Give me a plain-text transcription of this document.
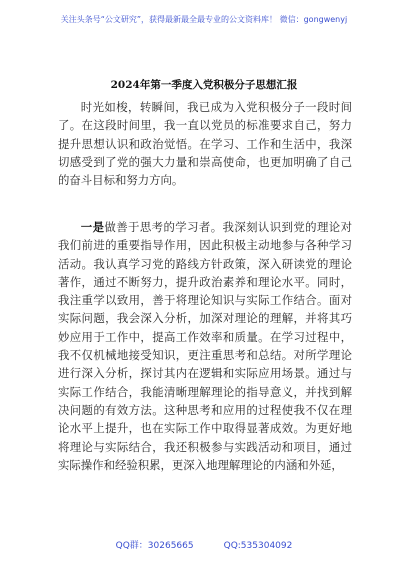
关注头条号“公文研究”，获得最新最全最专业的公文资料库！ 微信：gongwenyj
2024年第一季度入党积极分子思想汇报

时光如梭，转瞬间，我已成为入党积极分子一段时间了。在这段时间里，我一直以党员的标准要求自己，努力提升思想认识和政治觉悟。在学习、工作和生活中，我深切感受到了党的强大力量和崇高使命，也更加明确了自己的奋斗目标和努力方向。

一是做善于思考的学习者。我深刻认识到党的理论对我们前进的重要指导作用，因此积极主动地参与各种学习活动。我认真学习党的路线方针政策，深入研读党的理论著作，通过不断努力，提升政治素养和理论水平。同时，我注重学以致用，善于将理论知识与实际工作结合。面对实际问题，我会深入分析，加深对理论的理解，并将其巧妙应用于工作中，提高工作效率和质量。在学习过程中，我不仅机械地接受知识，更注重思考和总结。对所学理论进行深入分析，探讨其内在逻辑和实际应用场景。通过与实际工作结合，我能清晰理解理论的指导意义，并找到解决问题的有效方法。这种思考和应用的过程使我不仅在理论水平上提升，也在实际工作中取得显著成效。为更好地将理论与实际结合，我还积极参与实践活动和项目，通过实际操作和经验积累，更深入地理解理论的内涵和外延，

QQ群：30265665	QQ:535304092
